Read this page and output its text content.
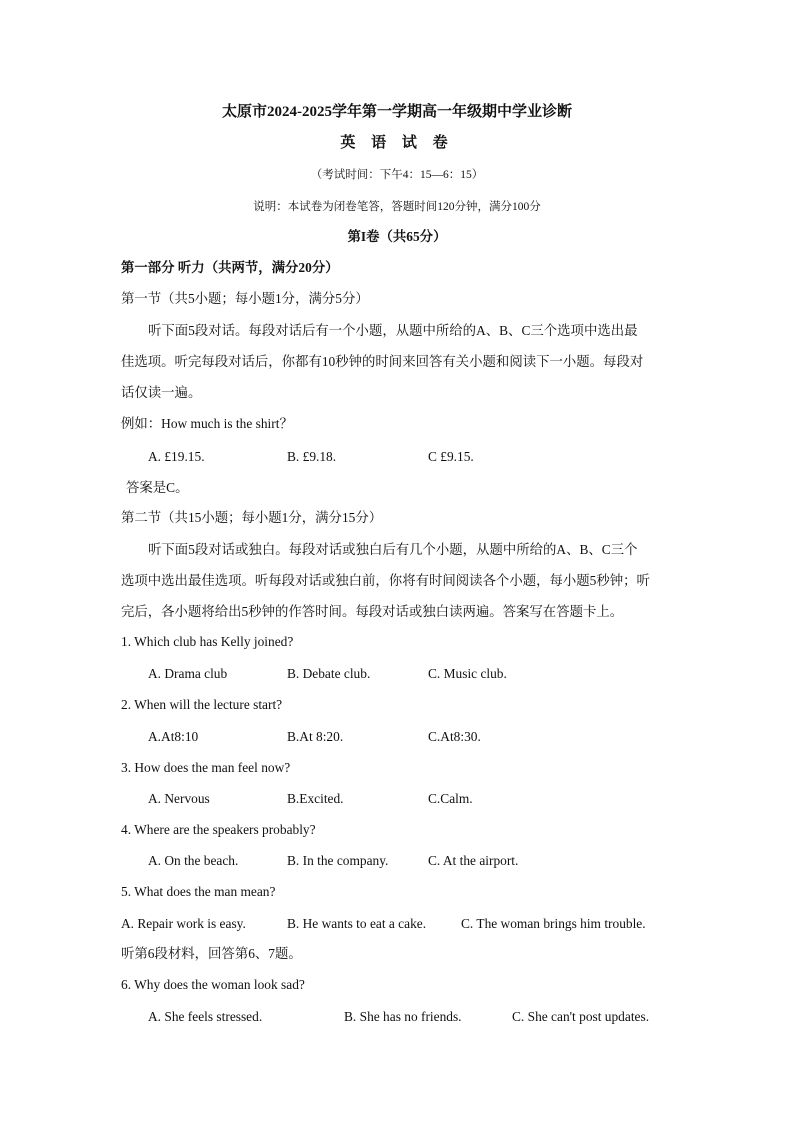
太原市2024-2025学年第一学期高一年级期中学业诊断
英 语 试 卷
（考试时间：下午4：15—6：15）
说明：本试卷为闭卷笔答，答题时间120分钟，满分100分
第I卷（共65分）
第一部分 听力（共两节，满分20分）
第一节（共5小题；每小题1分，满分5分）
听下面5段对话。每段对话后有一个小题，从题中所给的A、B、C三个选项中选出最
佳选项。听完每段对话后，你都有10秒钟的时间来回答有关小题和阅读下一小题。每段对
话仅读一遍。
例如：How much is the shirt？
A. £19.15.	B. £9.18.	C £9.15.
答案是C。
第二节（共15小题；每小题1分，满分15分）
听下面5段对话或独白。每段对话或独白后有几个小题，从题中所给的A、B、C三个
选项中选出最佳选项。听每段对话或独白前，你将有时间阅读各个小题，每小题5秒钟；听
完后，各小题将给出5秒钟的作答时间。每段对话或独白读两遍。答案写在答题卡上。
1. Which club has Kelly joined?
A. Drama club	B. Debate club.	C. Music club.
2. When will the lecture start?
A.At8:10	B.At 8:20.	C.At8:30.
3. How does the man feel now?
A. Nervous	B.Excited.	C.Calm.
4. Where are the speakers probably?
A. On the beach.	B. In the company.	C. At the airport.
5. What does the man mean?
A. Repair work is easy.	B. He wants to eat a cake.	C. The woman brings him trouble.
听第6段材料，回答第6、7题。
6. Why does the woman look sad?
A. She feels stressed.	B. She has no friends.	C. She can't post updates.
